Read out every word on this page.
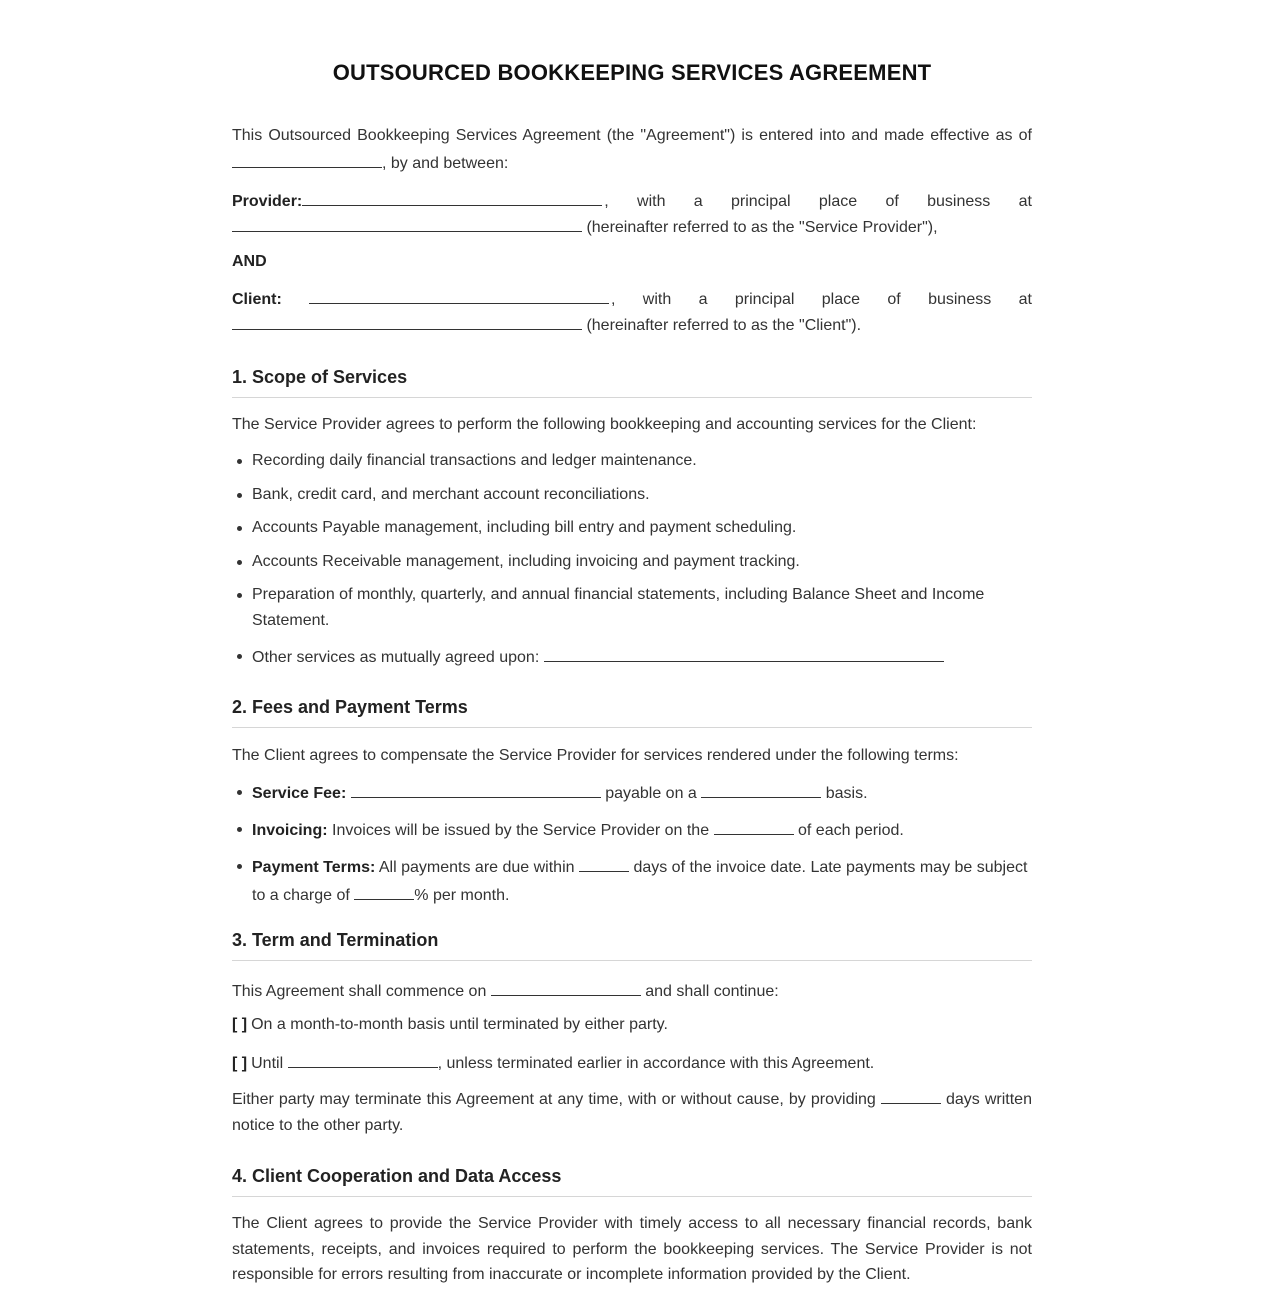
OUTSOURCED BOOKKEEPING SERVICES AGREEMENT

This Outsourced Bookkeeping Services Agreement (the "Agreement") is entered into and made effective as of , by and between:

Provider:	, with a principal place of business at

(hereinafter referred to as the "Service Provider"),

AND

Client:	, with a principal place of business at

(hereinafter referred to as the "Client").

1. Scope of Services

The Service Provider agrees to perform the following bookkeeping and accounting services for the Client:

Recording daily financial transactions and ledger maintenance.
Bank, credit card, and merchant account reconciliations.
Accounts Payable management, including bill entry and payment scheduling.
Accounts Receivable management, including invoicing and payment tracking.
Preparation of monthly, quarterly, and annual financial statements, including Balance Sheet and Income Statement.
Other services as mutually agreed upon:
2. Fees and Payment Terms

The Client agrees to compensate the Service Provider for services rendered under the following terms:

Service Fee:	payable on a	basis.
Invoicing: Invoices will be issued by the Service Provider on the	of each period.
Payment Terms: All payments are due within	days of the invoice date. Late payments may be subject to a charge of	% per month.
3. Term and Termination

This Agreement shall commence on	and shall continue:

[ ] On a month-to-month basis until terminated by either party.

[ ] Until	, unless terminated earlier in accordance with this Agreement.

Either party may terminate this Agreement at any time, with or without cause, by providing	days written notice to the other party.

4. Client Cooperation and Data Access

The Client agrees to provide the Service Provider with timely access to all necessary financial records, bank statements, receipts, and invoices required to perform the bookkeeping services. The Service Provider is not responsible for errors resulting from inaccurate or incomplete information provided by the Client.
